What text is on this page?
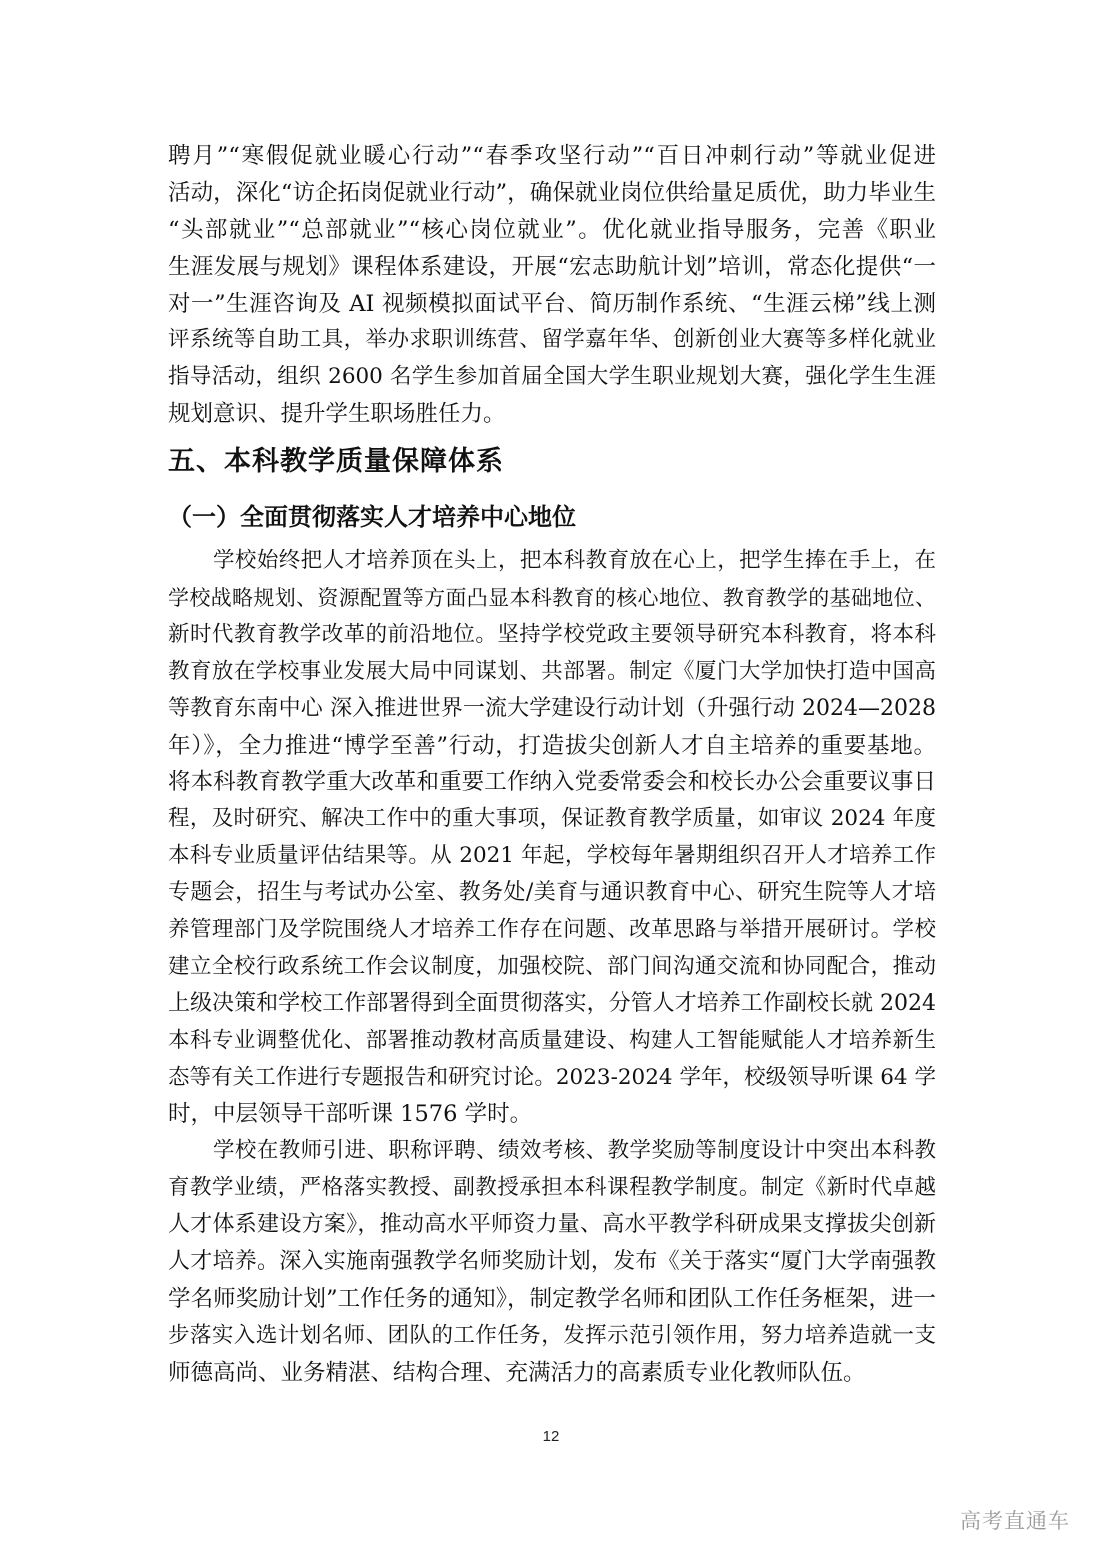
聘月”“寒假促就业暖心行动”“春季攻坚行动”“百日冲刺行动”等就业促进
活动，深化“访企拓岗促就业行动”，确保就业岗位供给量足质优，助力毕业生
“头部就业”“总部就业”“核心岗位就业”。优化就业指导服务，完善《职业
生涯发展与规划》课程体系建设，开展“宏志助航计划”培训，常态化提供“一
对一”生涯咨询及 AI 视频模拟面试平台、简历制作系统、“生涯云梯”线上测
评系统等自助工具，举办求职训练营、留学嘉年华、创新创业大赛等多样化就业
指导活动，组织 2600 名学生参加首届全国大学生职业规划大赛，强化学生生涯
规划意识、提升学生职场胜任力。
五、本科教学质量保障体系
（一）全面贯彻落实人才培养中心地位
学校始终把人才培养顶在头上，把本科教育放在心上，把学生捧在手上，在
学校战略规划、资源配置等方面凸显本科教育的核心地位、教育教学的基础地位、
新时代教育教学改革的前沿地位。坚持学校党政主要领导研究本科教育，将本科
教育放在学校事业发展大局中同谋划、共部署。制定《厦门大学加快打造中国高
等教育东南中心 深入推进世界一流大学建设行动计划（升强行动 2024—2028
年）》，全力推进“博学至善”行动，打造拔尖创新人才自主培养的重要基地。
将本科教育教学重大改革和重要工作纳入党委常委会和校长办公会重要议事日
程，及时研究、解决工作中的重大事项，保证教育教学质量，如审议 2024 年度
本科专业质量评估结果等。从 2021 年起，学校每年暑期组织召开人才培养工作
专题会，招生与考试办公室、教务处/美育与通识教育中心、研究生院等人才培
养管理部门及学院围绕人才培养工作存在问题、改革思路与举措开展研讨。学校
建立全校行政系统工作会议制度，加强校院、部门间沟通交流和协同配合，推动
上级决策和学校工作部署得到全面贯彻落实，分管人才培养工作副校长就 2024
本科专业调整优化、部署推动教材高质量建设、构建人工智能赋能人才培养新生
态等有关工作进行专题报告和研究讨论。2023-2024 学年，校级领导听课 64 学
时，中层领导干部听课 1576 学时。
学校在教师引进、职称评聘、绩效考核、教学奖励等制度设计中突出本科教
育教学业绩，严格落实教授、副教授承担本科课程教学制度。制定《新时代卓越
人才体系建设方案》，推动高水平师资力量、高水平教学科研成果支撑拔尖创新
人才培养。深入实施南强教学名师奖励计划，发布《关于落实“厦门大学南强教
学名师奖励计划”工作任务的通知》，制定教学名师和团队工作任务框架，进一
步落实入选计划名师、团队的工作任务，发挥示范引领作用，努力培养造就一支
师德高尚、业务精湛、结构合理、充满活力的高素质专业化教师队伍。
12
高考直通车
